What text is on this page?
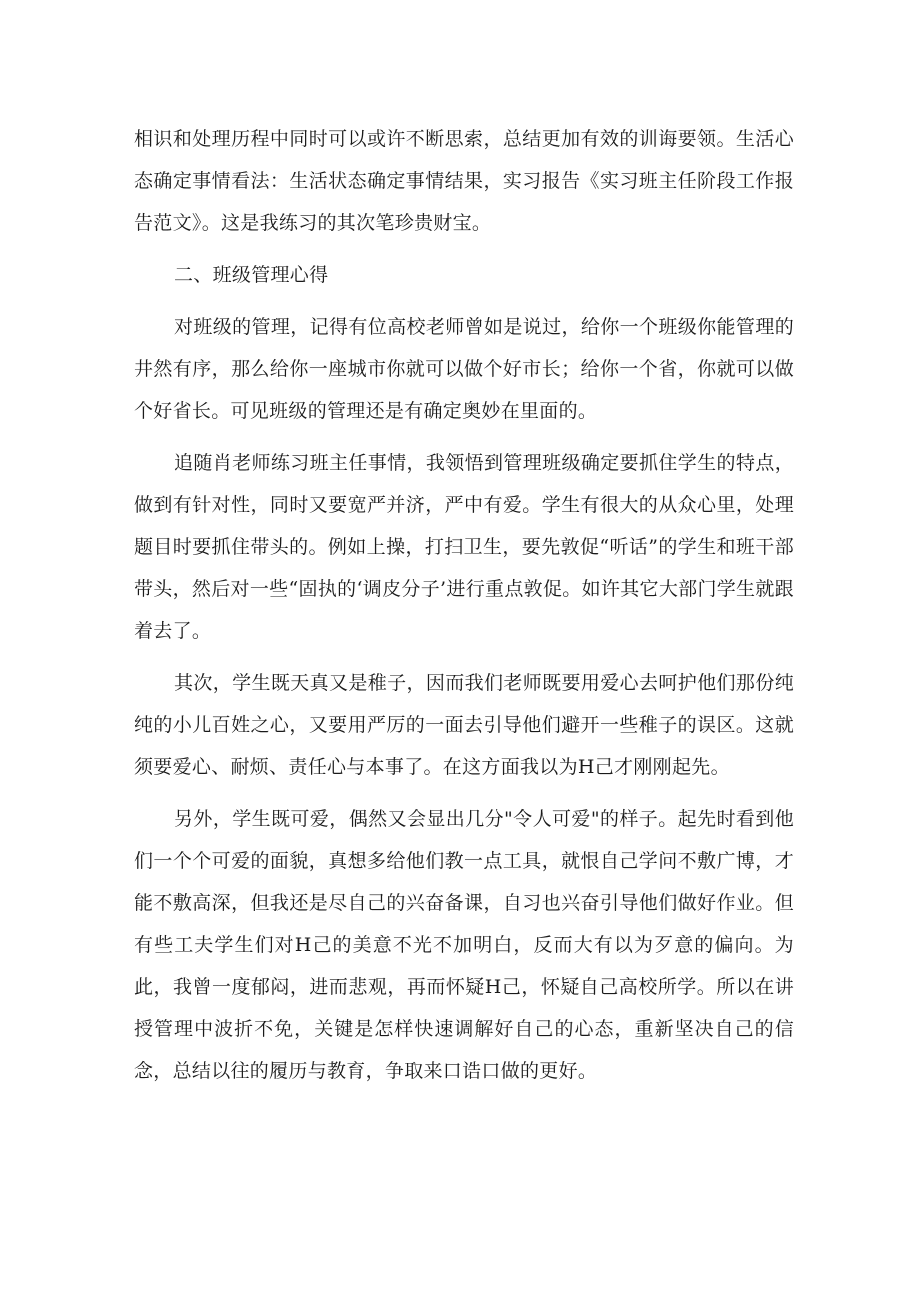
相识和处理历程中同时可以或许不断思索，总结更加有效的训诲要领。生活心态确定事情看法：生活状态确定事情结果，实习报告《实习班主任阶段工作报告范文》。这是我练习的其次笔珍贵财宝。

二、班级管理心得

对班级的管理，记得有位高校老师曾如是说过，给你一个班级你能管理的井然有序，那么给你一座城市你就可以做个好市长；给你一个省，你就可以做个好省长。可见班级的管理还是有确定奥妙在里面的。

追随肖老师练习班主任事情，我领悟到管理班级确定要抓住学生的特点，做到有针对性，同时又要宽严并济，严中有爱。学生有很大的从众心里，处理题目时要抓住带头的。例如上操，打扫卫生，要先敦促“听话”的学生和班干部带头，然后对一些“固执的‘调皮分子’进行重点敦促。如许其它大部门学生就跟着去了。

其次，学生既天真又是稚子，因而我们老师既要用爱心去呵护他们那份纯纯的小儿百姓之心，又要用严厉的一面去引导他们避开一些稚子的误区。这就须要爱心、耐烦、责任心与本事了。在这方面我以为H己才刚刚起先。

另外，学生既可爱，偶然又会显出几分"令人可爱"的样子。起先时看到他们一个个可爱的面貌，真想多给他们教一点工具，就恨自己学问不敷广博，才能不敷高深，但我还是尽自己的兴奋备课，自习也兴奋引导他们做好作业。但有些工夫学生们对H己的美意不光不加明白，反而大有以为歹意的偏向。为此，我曾一度郁闷，进而悲观，再而怀疑H己，怀疑自己高校所学。所以在讲授管理中波折不免，关键是怎样快速调解好自己的心态，重新坚决自己的信念，总结以往的履历与教育，争取来口诰口做的更好。
